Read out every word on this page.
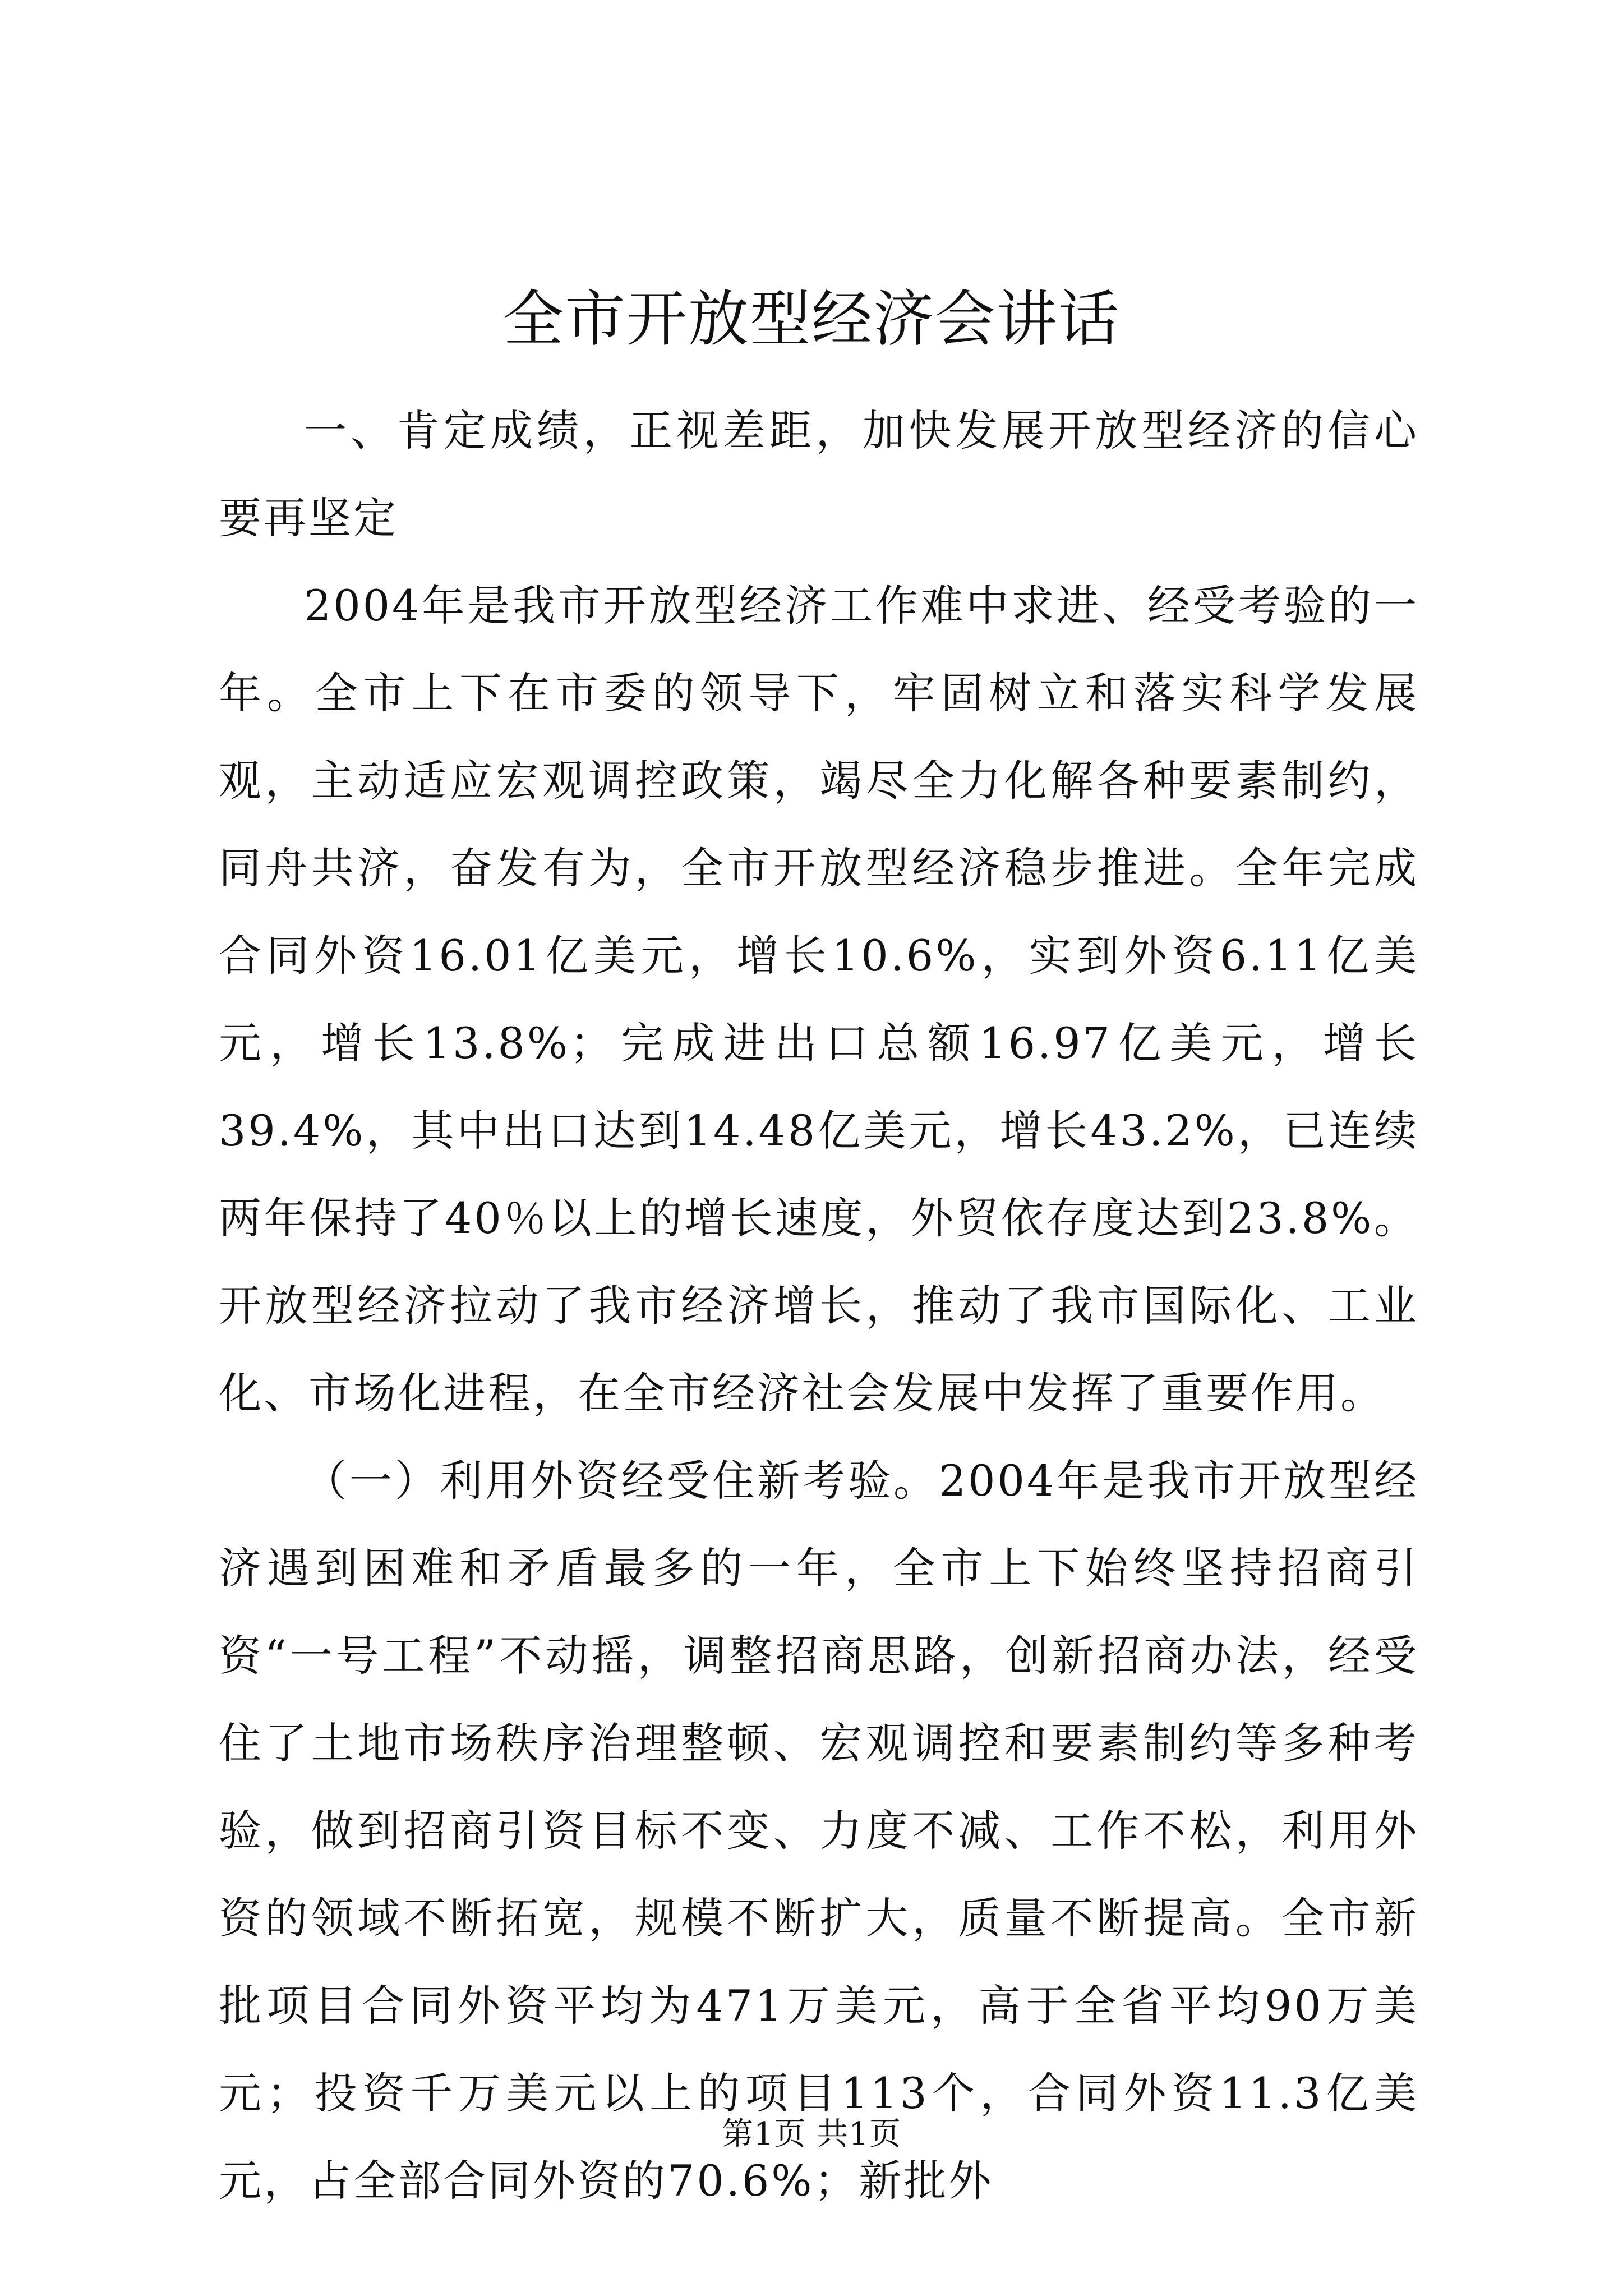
全市开放型经济会讲话

一、肯定成绩，正视差距，加快发展开放型经济的信心要再坚定

2004年是我市开放型经济工作难中求进、经受考验的一年。全市上下在市委的领导下，牢固树立和落实科学发展观，主动适应宏观调控政策，竭尽全力化解各种要素制约，同舟共济，奋发有为，全市开放型经济稳步推进。全年完成合同外资16.01亿美元，增长10.6%，实到外资6.11亿美元，增长13.8%；完成进出口总额16.97亿美元，增长39.4%，其中出口达到14.48亿美元，增长43.2%，已连续两年保持了40％以上的增长速度，外贸依存度达到23.8%。开放型经济拉动了我市经济增长，推动了我市国际化、工业化、市场化进程，在全市经济社会发展中发挥了重要作用。

（一）利用外资经受住新考验。2004年是我市开放型经济遇到困难和矛盾最多的一年，全市上下始终坚持招商引资“一号工程”不动摇，调整招商思路，创新招商办法，经受住了土地市场秩序治理整顿、宏观调控和要素制约等多种考验，做到招商引资目标不变、力度不减、工作不松，利用外资的领域不断拓宽，规模不断扩大，质量不断提高。全市新批项目合同外资平均为471万美元，高于全省平均90万美元；投资千万美元以上的项目113个，合同外资11.3亿美元，占全部合同外资的70.6%；新批外

第1页 共1页
